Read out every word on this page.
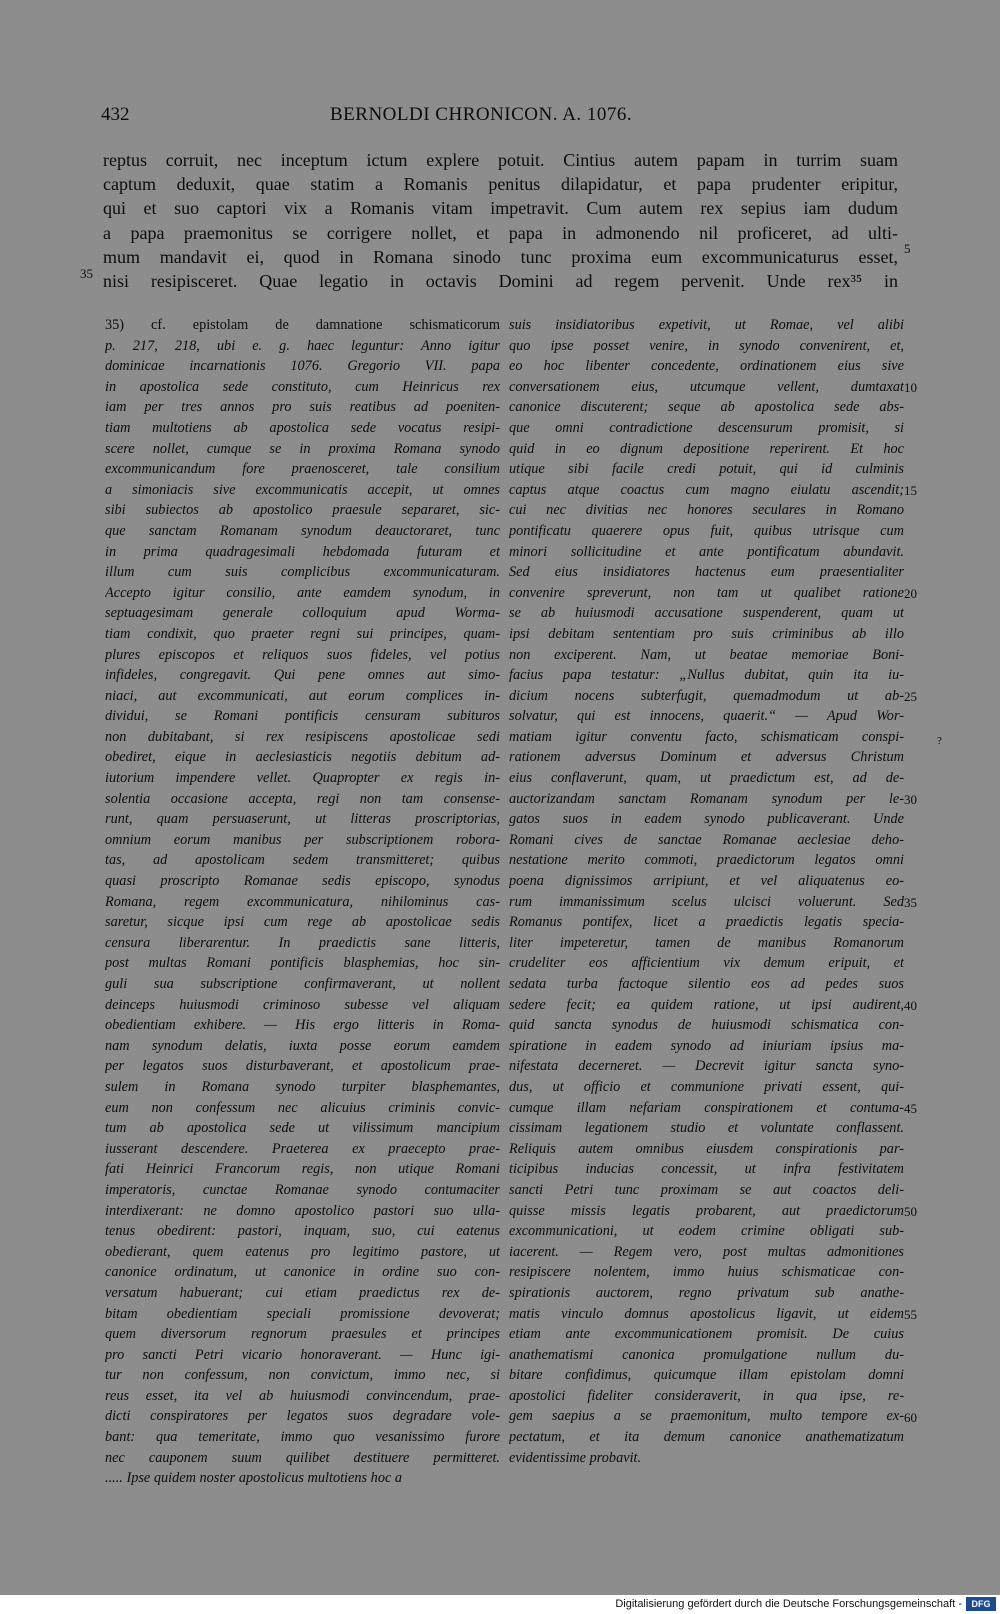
432	BERNOLDI CHRONICON. A. 1076.
reptus corruit, nec inceptum ictum explere potuit. Cintius autem papam in turrim suam
captum deduxit, quae statim a Romanis penitus dilapidatur, et papa prudenter eripitur,
qui et suo captori vix a Romanis vitam impetravit. Cum autem rex sepius iam dudum
a papa praemonitus se corrigere nollet, et papa in admonendo nil proficeret, ad ulti-
mum mandavit ei, quod in Romana sinodo tunc proxima eum excommunicaturus esset,
nisi resipisceret. Quae legatio in octavis Domini ad regem pervenit. Unde rex³⁵ in
35
5
35) cf. epistolam de damnatione schismaticorum
p. 217, 218, ubi e. g. haec leguntur: Anno igitur
dominicae incarnationis 1076. Gregorio VII. papa
in apostolica sede constituto, cum Heinricus rex
iam per tres annos pro suis reatibus ad poeniten-
tiam multotiens ab apostolica sede vocatus resipi-
scere nollet, cumque se in proxima Romana synodo
excommunicandum fore praenosceret, tale consilium
a simoniacis sive excommunicatis accepit, ut omnes
sibi subiectos ab apostolico praesule separaret, sic-
que sanctam Romanam synodum deauctoraret, tunc
in prima quadragesimali hebdomada futuram et
illum cum suis complicibus excommunicaturam.
Accepto igitur consilio, ante eamdem synodum, in
septuagesimam generale colloquium apud Worma-
tiam condixit, quo praeter regni sui principes, quam-
plures episcopos et reliquos suos fideles, vel potius
infideles, congregavit. Qui pene omnes aut simo-
niaci, aut excommunicati, aut eorum complices in-
dividui, se Romani pontificis censuram subituros
non dubitabant, si rex resipiscens apostolicae sedi
obediret, eique in aeclesiasticis negotiis debitum ad-
iutorium impendere vellet. Quapropter ex regis in-
solentia occasione accepta, regi non tam consense-
runt, quam persuaserunt, ut litteras proscriptorias,
omnium eorum manibus per subscriptionem robora-
tas, ad apostolicam sedem transmitteret; quibus
quasi proscripto Romanae sedis episcopo, synodus
Romana, regem excommunicatura, nihilominus cas-
saretur, sicque ipsi cum rege ab apostolicae sedis
censura liberarentur. In praedictis sane litteris,
post multas Romani pontificis blasphemias, hoc sin-
guli sua subscriptione confirmaverant, ut nollent
deinceps huiusmodi criminoso subesse vel aliquam
obedientiam exhibere. — His ergo litteris in Roma-
nam synodum delatis, iuxta posse eorum eamdem
per legatos suos disturbaverant, et apostolicum prae-
sulem in Romana synodo turpiter blasphemantes,
eum non confessum nec alicuius criminis convic-
tum ab apostolica sede ut vilissimum mancipium
iusserant descendere. Praeterea ex praecepto prae-
fati Heinrici Francorum regis, non utique Romani
imperatoris, cunctae Romanae synodo contumaciter
interdixerant: ne domno apostolico pastori suo ulla-
tenus obedirent: pastori, inquam, suo, cui eatenus
obedierant, quem eatenus pro legitimo pastore, ut
canonice ordinatum, ut canonice in ordine suo con-
versatum habuerant; cui etiam praedictus rex de-
bitam obedientiam speciali promissione devoverat;
quem diversorum regnorum praesules et principes
pro sancti Petri vicario honoraverant. — Hunc igi-
tur non confessum, non convictum, immo nec, si
reus esset, ita vel ab huiusmodi convincendum, prae-
dicti conspiratores per legatos suos degradare vole-
bant: qua temeritate, immo quo vesanissimo furore
nec cauponem suum quilibet destituere permitteret.
..... Ipse quidem noster apostolicus multotiens hoc a
suis insidiatoribus expetivit, ut Romae, vel alibi
quo ipse posset venire, in synodo convenirent, et,
eo hoc libenter concedente, ordinationem eius sive
conversationem eius, utcumque vellent, dumtaxat
canonice discuterent; seque ab apostolica sede abs-
que omni contradictione descensurum promisit, si
quid in eo dignum depositione reperirent. Et hoc
utique sibi facile credi potuit, qui id culminis
captus atque coactus cum magno eiulatu ascendit;
cui nec divitias nec honores seculares in Romano
pontificatu quaerere opus fuit, quibus utrisque cum
minori sollicitudine et ante pontificatum abundavit.
Sed eius insidiatores hactenus eum praesentialiter
convenire spreverunt, non tam ut qualibet ratione
se ab huiusmodi accusatione suspenderent, quam ut
ipsi debitam sententiam pro suis criminibus ab illo
non exciperent. Nam, ut beatae memoriae Boni-
facius papa testatur: „Nullus dubitat, quin ita iu-
dicium nocens subterfugit, quemadmodum ut ab-
solvatur, qui est innocens, quaerit.“ — Apud Wor-
matiam igitur conventu facto, schismaticam conspi-
rationem adversus Dominum et adversus Christum
eius conflaverunt, quam, ut praedictum est, ad de-
auctorizandam sanctam Romanam synodum per le-
gatos suos in eadem synodo publicaverant. Unde
Romani cives de sanctae Romanae aeclesiae deho-
nestatione merito commoti, praedictorum legatos omni
poena dignissimos arripiunt, et vel aliquatenus eo-
rum immanissimum scelus ulcisci voluerunt. Sed
Romanus pontifex, licet a praedictis legatis specia-
liter impeteretur, tamen de manibus Romanorum
crudeliter eos afficientium vix demum eripuit, et
sedata turba factoque silentio eos ad pedes suos
sedere fecit; ea quidem ratione, ut ipsi audirent,
quid sancta synodus de huiusmodi schismatica con-
spiratione in eadem synodo ad iniuriam ipsius ma-
nifestata decerneret. — Decrevit igitur sancta syno-
dus, ut officio et communione privati essent, qui-
cumque illam nefariam conspirationem et contuma-
cissimam legationem studio et voluntate conflassent.
Reliquis autem omnibus eiusdem conspirationis par-
ticipibus inducias concessit, ut infra festivitatem
sancti Petri tunc proximam se aut coactos deli-
quisse missis legatis probarent, aut praedictorum
excommunicationi, ut eodem crimine obligati sub-
iacerent. — Regem vero, post multas admonitiones
resipiscere nolentem, immo huius schismaticae con-
spirationis auctorem, regno privatum sub anathe-
matis vinculo domnus apostolicus ligavit, ut eidem
etiam ante excommunicationem promisit. De cuius
anathematismi canonica promulgatione nullum du-
bitare confidimus, quicumque illam epistolam domni
apostolici fideliter consideraverit, in qua ipse, re-
gem saepius a se praemonitum, multo tempore ex-
pectatum, et ita demum canonice anathematizatum
evidentissime probavit.
10
15
20
25
30
35
40
45
50
55
60
?
Digitalisierung gefördert durch die Deutsche Forschungsgemeinschaft -	DFG
